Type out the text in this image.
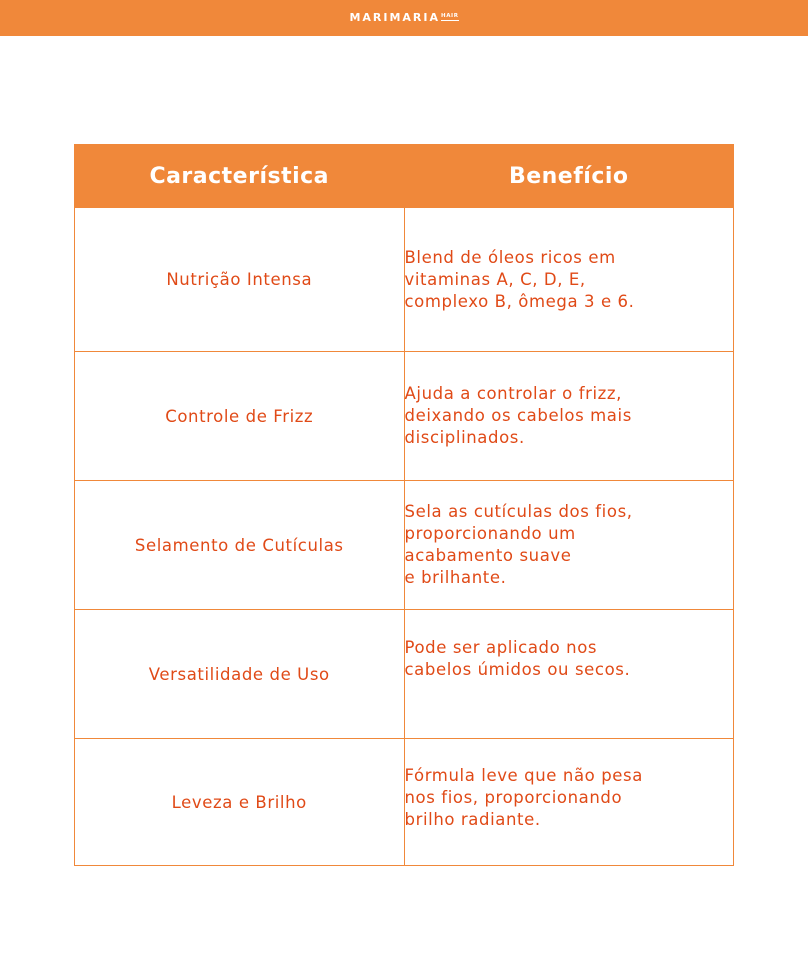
MARIMARIA HAIR
Característica	Benefício
Nutrição Intensa	Blend de óleos ricos em
vitaminas A, C, D, E,
complexo B, ômega 3 e 6.
Controle de Frizz	Ajuda a controlar o frizz,
deixando os cabelos mais
disciplinados.
Selamento de Cutículas	Sela as cutículas dos fios,
proporcionando um
acabamento suave
e brilhante.
Versatilidade de Uso	Pode ser aplicado nos
cabelos úmidos ou secos.
Leveza e Brilho	Fórmula leve que não pesa
nos fios, proporcionando
brilho radiante.
